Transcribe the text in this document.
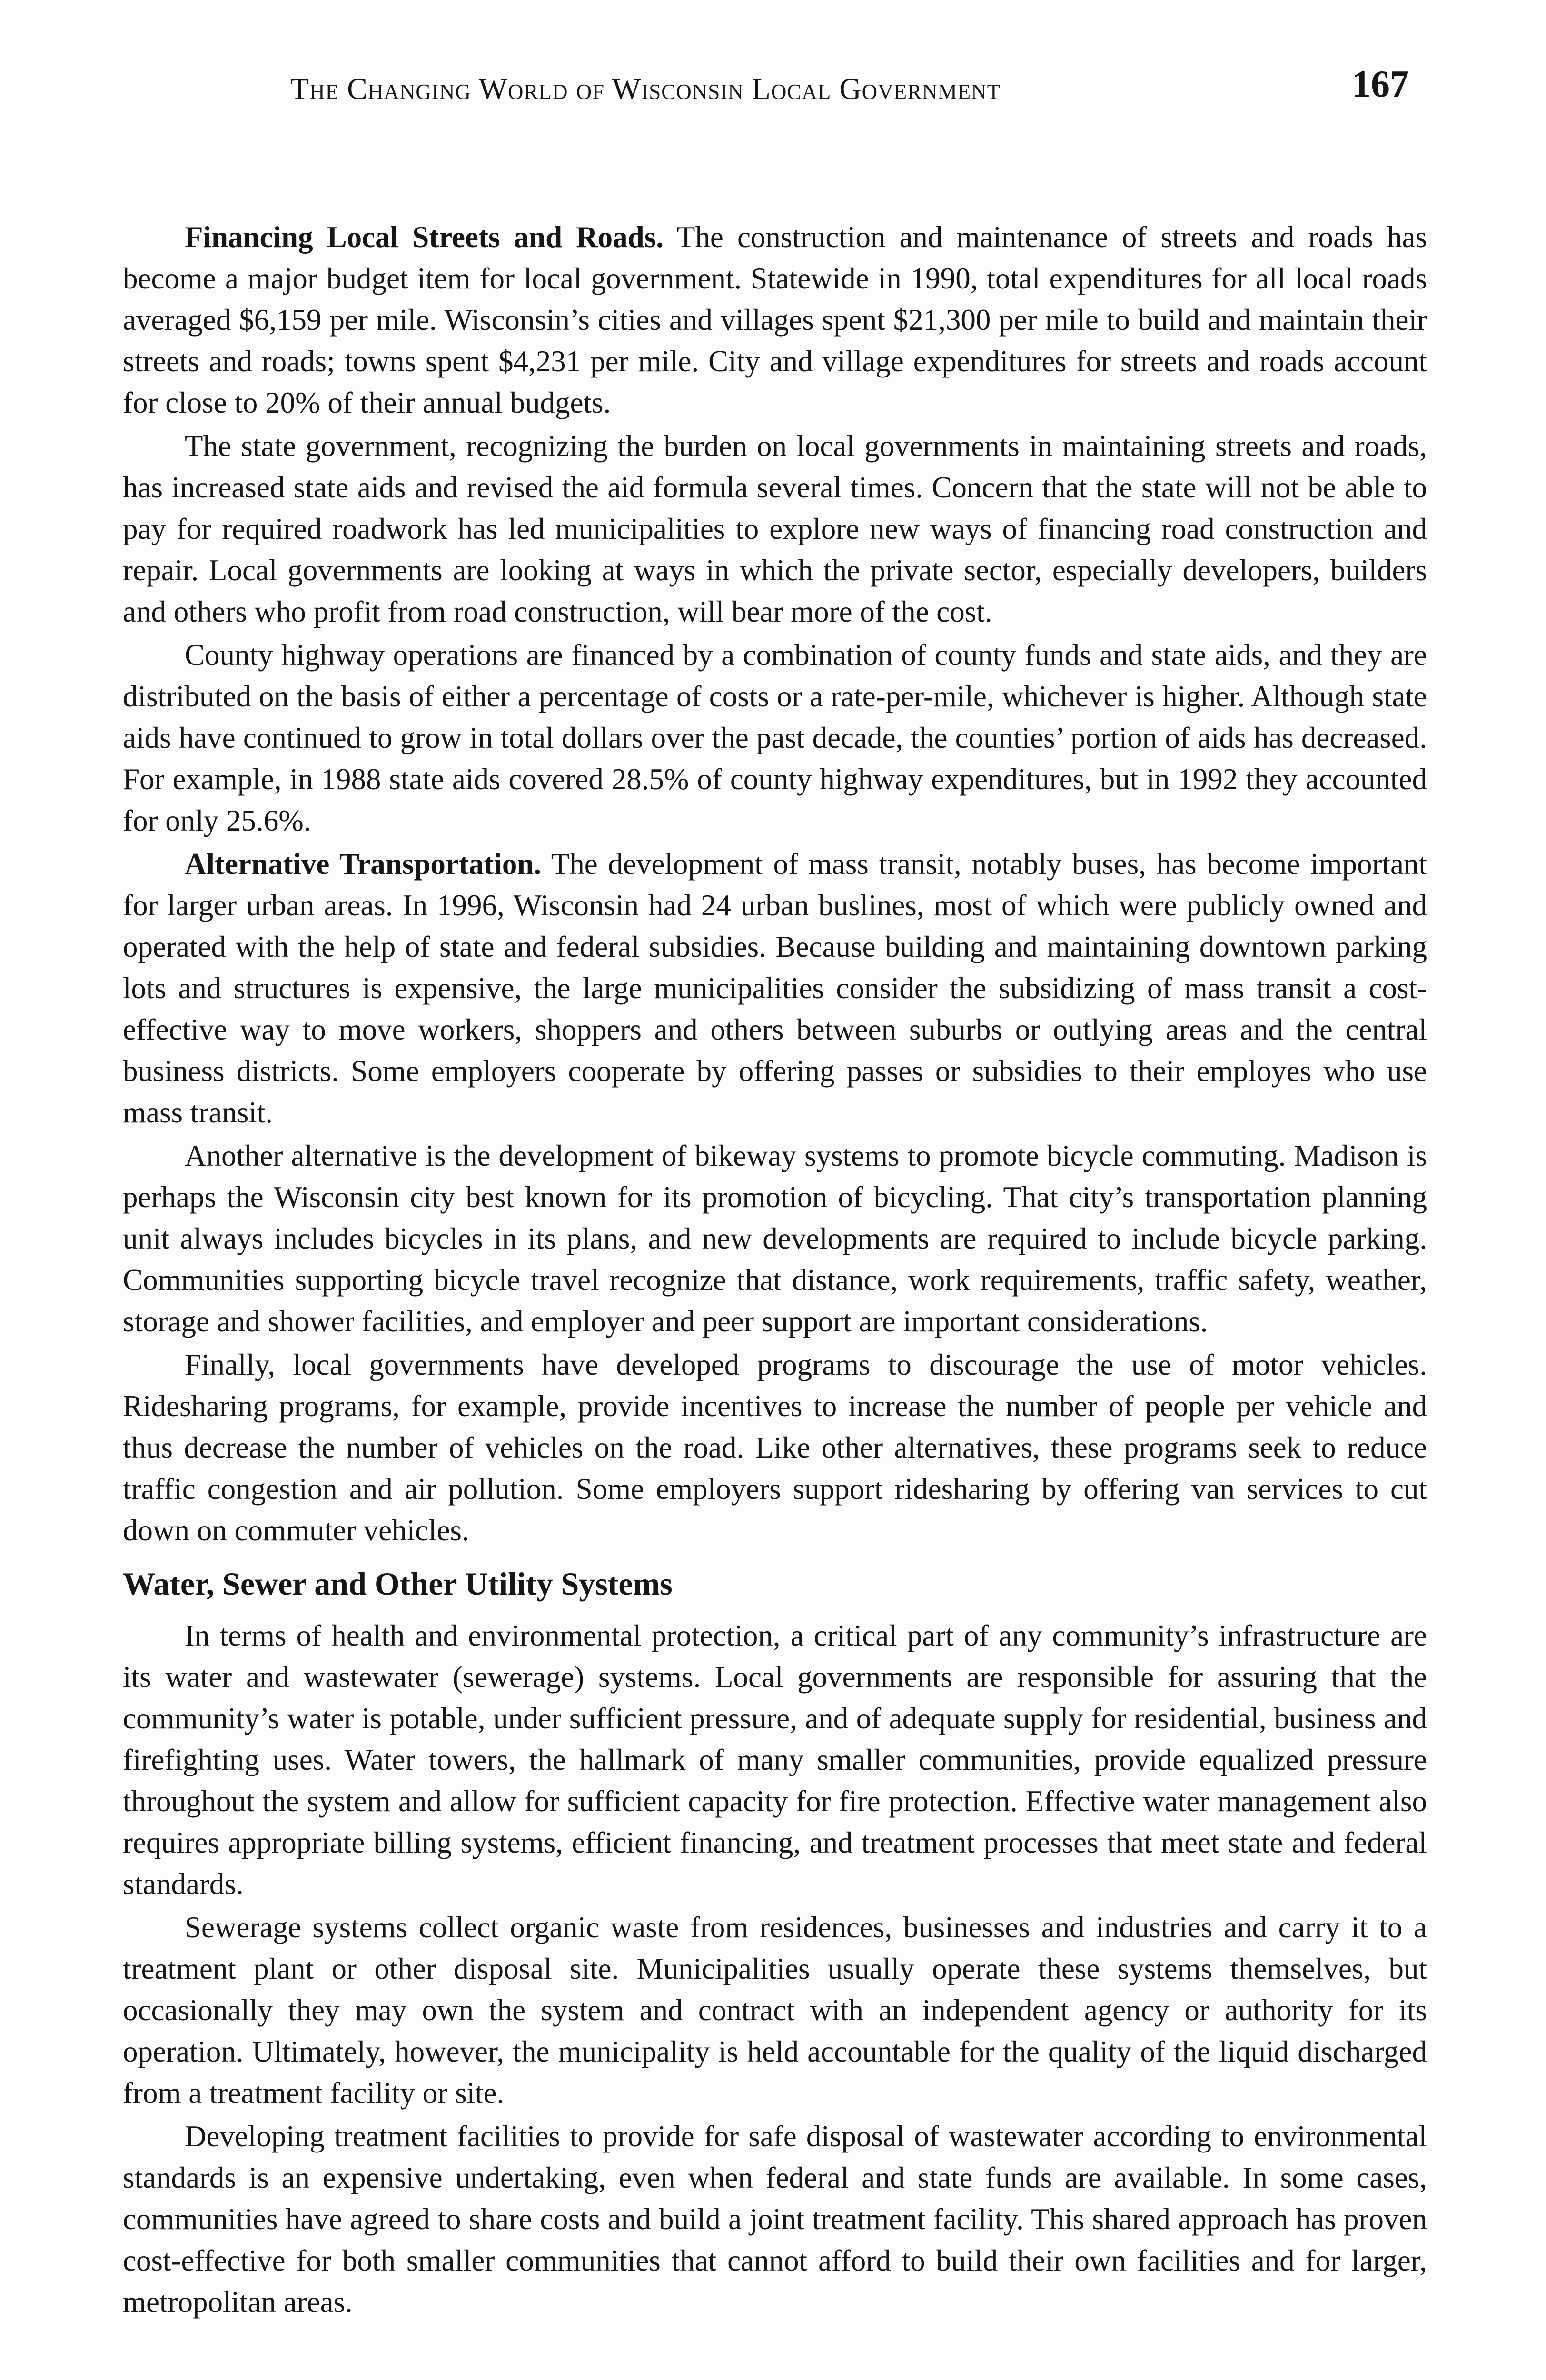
The Changing World of Wisconsin Local Government	167

Financing Local Streets and Roads. The construction and maintenance of streets and roads has become a major budget item for local government. Statewide in 1990, total expenditures for all local roads averaged $6,159 per mile. Wisconsin’s cities and villages spent $21,300 per mile to build and maintain their streets and roads; towns spent $4,231 per mile. City and village expenditures for streets and roads account for close to 20% of their annual budgets.

The state government, recognizing the burden on local governments in maintaining streets and roads, has increased state aids and revised the aid formula several times. Concern that the state will not be able to pay for required roadwork has led municipalities to explore new ways of financing road construction and repair. Local governments are looking at ways in which the private sector, especially developers, builders and others who profit from road construction, will bear more of the cost.

County highway operations are financed by a combination of county funds and state aids, and they are distributed on the basis of either a percentage of costs or a rate-per-mile, whichever is higher. Although state aids have continued to grow in total dollars over the past decade, the counties’ portion of aids has decreased. For example, in 1988 state aids covered 28.5% of county highway expenditures, but in 1992 they accounted for only 25.6%.

Alternative Transportation. The development of mass transit, notably buses, has become important for larger urban areas. In 1996, Wisconsin had 24 urban buslines, most of which were publicly owned and operated with the help of state and federal subsidies. Because building and maintaining downtown parking lots and structures is expensive, the large municipalities consider the subsidizing of mass transit a cost-effective way to move workers, shoppers and others between suburbs or outlying areas and the central business districts. Some employers cooperate by offering passes or subsidies to their employes who use mass transit.

Another alternative is the development of bikeway systems to promote bicycle commuting. Madison is perhaps the Wisconsin city best known for its promotion of bicycling. That city’s transportation planning unit always includes bicycles in its plans, and new developments are required to include bicycle parking. Communities supporting bicycle travel recognize that distance, work requirements, traffic safety, weather, storage and shower facilities, and employer and peer support are important considerations.

Finally, local governments have developed programs to discourage the use of motor vehicles. Ridesharing programs, for example, provide incentives to increase the number of people per vehicle and thus decrease the number of vehicles on the road. Like other alternatives, these programs seek to reduce traffic congestion and air pollution. Some employers support ridesharing by offering van services to cut down on commuter vehicles.

Water, Sewer and Other Utility Systems

In terms of health and environmental protection, a critical part of any community’s infrastructure are its water and wastewater (sewerage) systems. Local governments are responsible for assuring that the community’s water is potable, under sufficient pressure, and of adequate supply for residential, business and firefighting uses. Water towers, the hallmark of many smaller communities, provide equalized pressure throughout the system and allow for sufficient capacity for fire protection. Effective water management also requires appropriate billing systems, efficient financing, and treatment processes that meet state and federal standards.

Sewerage systems collect organic waste from residences, businesses and industries and carry it to a treatment plant or other disposal site. Municipalities usually operate these systems themselves, but occasionally they may own the system and contract with an independent agency or authority for its operation. Ultimately, however, the municipality is held accountable for the quality of the liquid discharged from a treatment facility or site.

Developing treatment facilities to provide for safe disposal of wastewater according to environmental standards is an expensive undertaking, even when federal and state funds are available. In some cases, communities have agreed to share costs and build a joint treatment facility. This shared approach has proven cost-effective for both smaller communities that cannot afford to build their own facilities and for larger, metropolitan areas.
